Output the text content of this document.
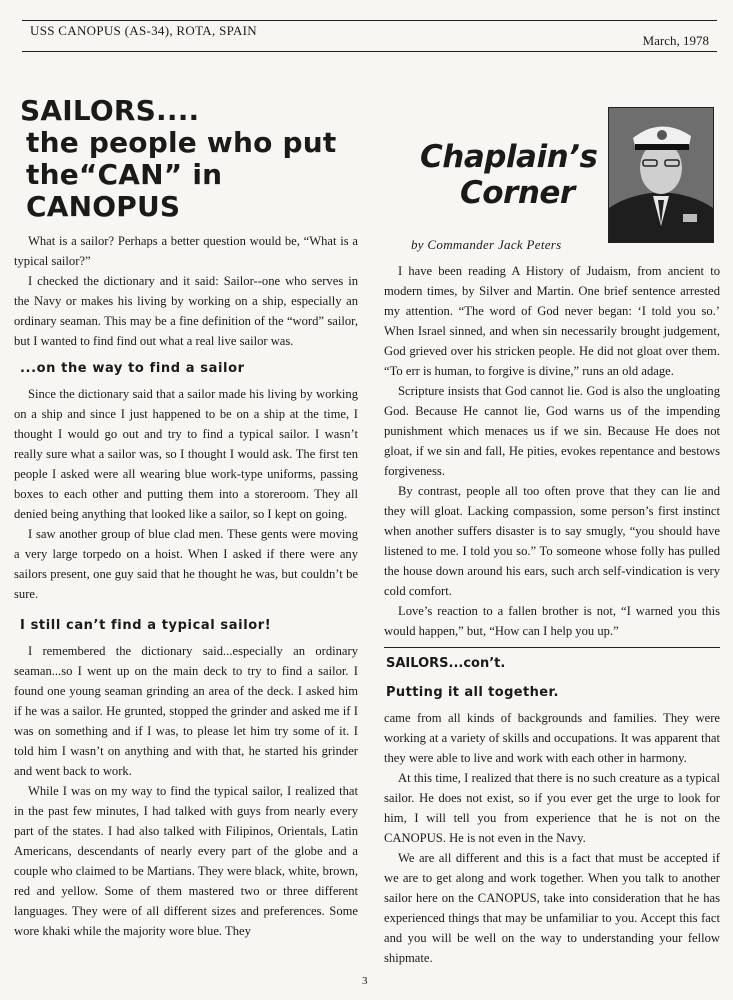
USS CANOPUS (AS-34), ROTA, SPAIN
March, 1978
SAILORS....
the people who put
the“CAN” in CANOPUS

What is a sailor? Perhaps a better question would be, “What is a typical sailor?”

I checked the dictionary and it said: Sailor--one who serves in the Navy or makes his living by working on a ship, especially an ordinary seaman. This may be a fine definition of the “word” sailor, but I wanted to find find out what a real live sailor was.

...on the way to find a sailor

Since the dictionary said that a sailor made his living by working on a ship and since I just happened to be on a ship at the time, I thought I would go out and try to find a typical sailor. I wasn’t really sure what a sailor was, so I thought I would ask. The first ten people I asked were all wearing blue work-type uniforms, passing boxes to each other and putting them into a storeroom. They all denied being anything that looked like a sailor, so I kept on going.

I saw another group of blue clad men. These gents were moving a very large torpedo on a hoist. When I asked if there were any sailors present, one guy said that he thought he was, but couldn’t be sure.

I still can’t find a typical sailor!

I remembered the dictionary said...especially an ordinary seaman...so I went up on the main deck to try to find a sailor. I found one young seaman grinding an area of the deck. I asked him if he was a sailor. He grunted, stopped the grinder and asked me if I was on something and if I was, to please let him try some of it. I told him I wasn’t on anything and with that, he started his grinder and went back to work.

While I was on my way to find the typical sailor, I realized that in the past few minutes, I had talked with guys from nearly every part of the states. I had also talked with Filipinos, Orientals, Latin Americans, descendants of nearly every part of the globe and a couple who claimed to be Martians. They were black, white, brown, red and yellow. Some of them mastered two or three different languages. They were of all different sizes and preferences. Some wore khaki while the majority wore blue. They

Chaplain’s
Corner
by Commander Jack Peters

I have been reading A History of Judaism, from ancient to modern times, by Silver and Martin. One brief sentence arrested my attention. “The word of God never began: ‘I told you so.’ When Israel sinned, and when sin necessarily brought judgement, God grieved over his stricken people. He did not gloat over them. “To err is human, to forgive is divine,” runs an old adage.

Scripture insists that God cannot lie. God is also the ungloating God. Because He cannot lie, God warns us of the impending punishment which menaces us if we sin. Because He does not gloat, if we sin and fall, He pities, evokes repentance and bestows forgiveness.

By contrast, people all too often prove that they can lie and they will gloat. Lacking compassion, some person’s first instinct when another suffers disaster is to say smugly, “you should have listened to me. I told you so.” To someone whose folly has pulled the house down around his ears, such arch self-vindication is very cold comfort.

Love’s reaction to a fallen brother is not, “I warned you this would happen,” but, “How can I help you up.”

SAILORS...con’t.
Putting it all together.

came from all kinds of backgrounds and families. They were working at a variety of skills and occupations. It was apparent that they were able to live and work with each other in harmony.

At this time, I realized that there is no such creature as a typical sailor. He does not exist, so if you ever get the urge to look for him, I will tell you from experience that he is not on the CANOPUS. He is not even in the Navy.

We are all different and this is a fact that must be accepted if we are to get along and work together. When you talk to another sailor here on the CANOPUS, take into consideration that he has experienced things that may be unfamiliar to you. Accept this fact and you will be well on the way to understanding your fellow shipmate.

3
